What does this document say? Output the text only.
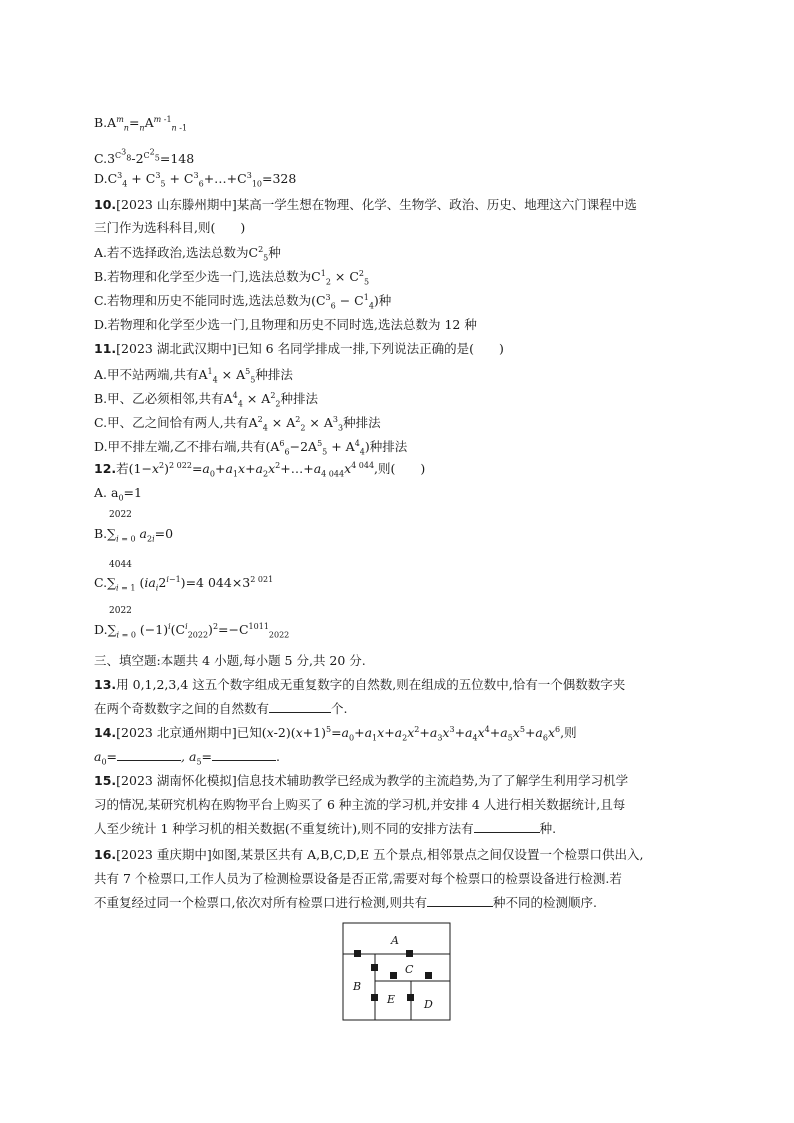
$B.A^m_n=_nA^{m -1}_{n -1}$
$C.3^{C^3_8}-2^{C^2_5}=148$
$D.C^3_4 + C^3_5$ + $C^3_6+\dots+C^3_{10}=328$
10.[2023 山东滕州期中]某高一学生想在物理、化学、生物学、政治、历史、地理这六门课程中选
三门作为选科科目,则(　　)
A.若不选择政治,选法总数为$C^2_5$种
B.若物理和化学至少选一门,选法总数为$C^1_2 \times C^2_5$
C.若物理和历史不能同时选,选法总数为$(C^3_6 - C^1_4)$种
D.若物理和化学至少选一门,且物理和历史不同时选,选法总数为 12 种
11.[2023 湖北武汉期中]已知 6 名同学排成一排,下列说法正确的是(　　)
A.甲不站两端,共有$A^1_4 \times A^5_5$种排法
B.甲、乙必须相邻,共有$A^4_4 \times A^2_2$种排法
C.甲、乙之间恰有两人,共有$A^2_4 \times A^2_2 \times A^3_3$种排法
D.甲不排左端,乙不排右端,共有$(A^6_6-2A^5_5 + A^4_4)$种排法
12.若$(1-x^2)^{2 022}=a_0+a_1x+a_2x^2+\dots+a_{4 044}x^{4 044}$,则(　　)
A. $a_0=1$
2022
$B.\sum_{i = 0}$ $a_{2i}=0$
4044
$C.\sum_{i = 1}$ $(ia_i2^{i-1})=4$ $044\times 3^{2 021}$
2022
$D.\sum_{i = 0}$ $(-1)^i(C^i_{2022})^2=-C^{1011}_{2022}$
三、填空题:本题共 4 小题,每小题 5 分,共 20 分.
13.用 0,1,2,3,4 这五个数字组成无重复数字的自然数,则在组成的五位数中,恰有一个偶数数字夹
在两个奇数数字之间的自然数有	个.
14.[2023 北京通州期中]已知$(x-2)(x+1)^5=a_0+a_1x+a_2x^2+a_3x^3+a_4x^4+a_5x^5+a_6x^6$,则
$a_0=$	, $a_5=$	.
15.[2023 湖南怀化模拟]信息技术辅助教学已经成为教学的主流趋势,为了了解学生利用学习机学
习的情况,某研究机构在购物平台上购买了 6 种主流的学习机,并安排 4 人进行相关数据统计,且每
人至少统计 1 种学习机的相关数据(不重复统计),则不同的安排方法有	种.
16.[2023 重庆期中]如图,某景区共有 A,B,C,D,E 五个景点,相邻景点之间仅设置一个检票口供出入,
共有 7 个检票口,工作人员为了检测检票设备是否正常,需要对每个检票口的检票设备进行检测.若
不重复经过同一个检票口,依次对所有检票口进行检测,则共有	种不同的检测顺序.
A
B
C
D
E
